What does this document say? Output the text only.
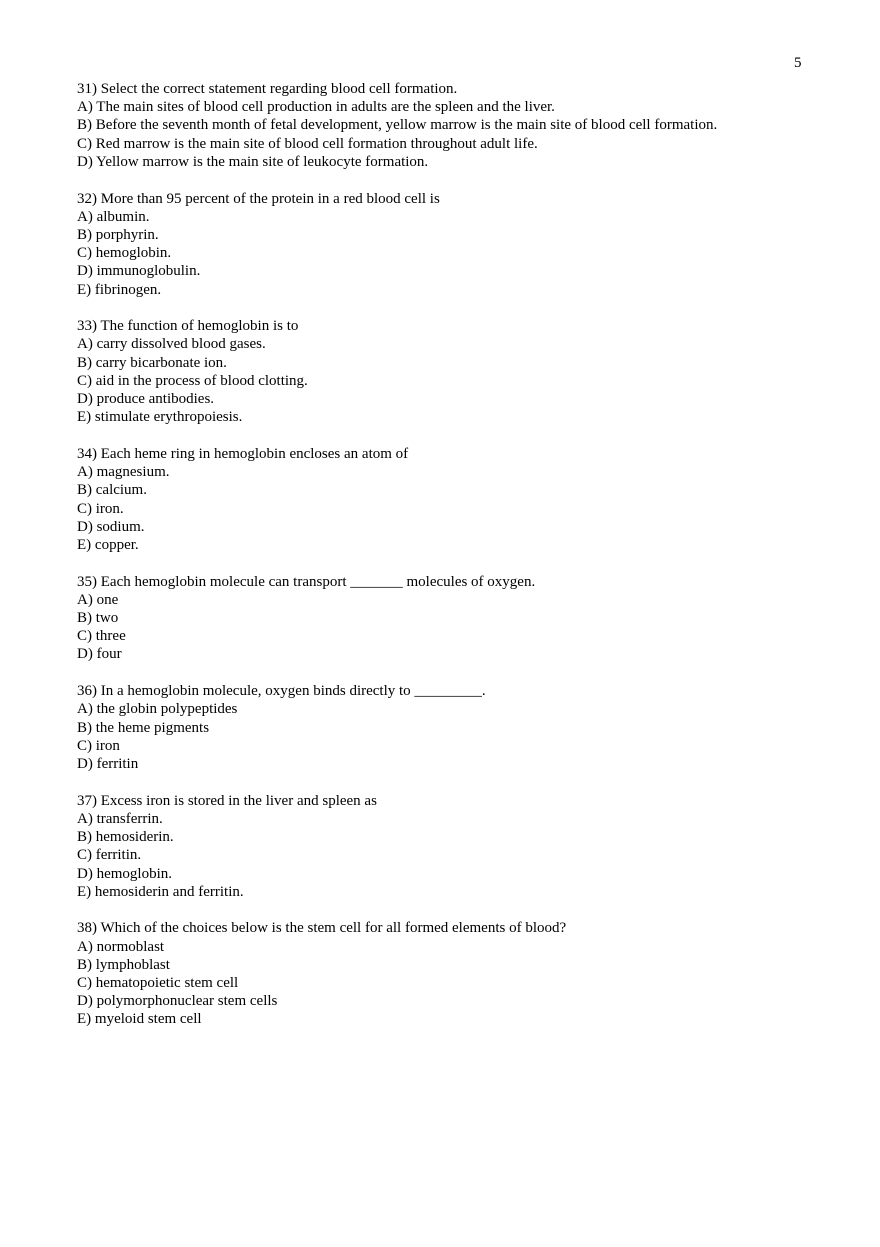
5
31) Select the correct statement regarding blood cell formation.
A) The main sites of blood cell production in adults are the spleen and the liver.
B) Before the seventh month of fetal development, yellow marrow is the main site of blood cell formation.
C) Red marrow is the main site of blood cell formation throughout adult life.
D) Yellow marrow is the main site of leukocyte formation.
32) More than 95 percent of the protein in a red blood cell is
A) albumin.
B) porphyrin.
C) hemoglobin.
D) immunoglobulin.
E) fibrinogen.
33) The function of hemoglobin is to
A) carry dissolved blood gases.
B) carry bicarbonate ion.
C) aid in the process of blood clotting.
D) produce antibodies.
E) stimulate erythropoiesis.
34) Each heme ring in hemoglobin encloses an atom of
A) magnesium.
B) calcium.
C) iron.
D) sodium.
E) copper.
35) Each hemoglobin molecule can transport _______ molecules of oxygen.
A) one
B) two
C) three
D) four
36) In a hemoglobin molecule, oxygen binds directly to _________.
A) the globin polypeptides
B) the heme pigments
C) iron
D) ferritin
37) Excess iron is stored in the liver and spleen as
A) transferrin.
B) hemosiderin.
C) ferritin.
D) hemoglobin.
E) hemosiderin and ferritin.
38) Which of the choices below is the stem cell for all formed elements of blood?
A) normoblast
B) lymphoblast
C) hematopoietic stem cell
D) polymorphonuclear stem cells
E) myeloid stem cell
